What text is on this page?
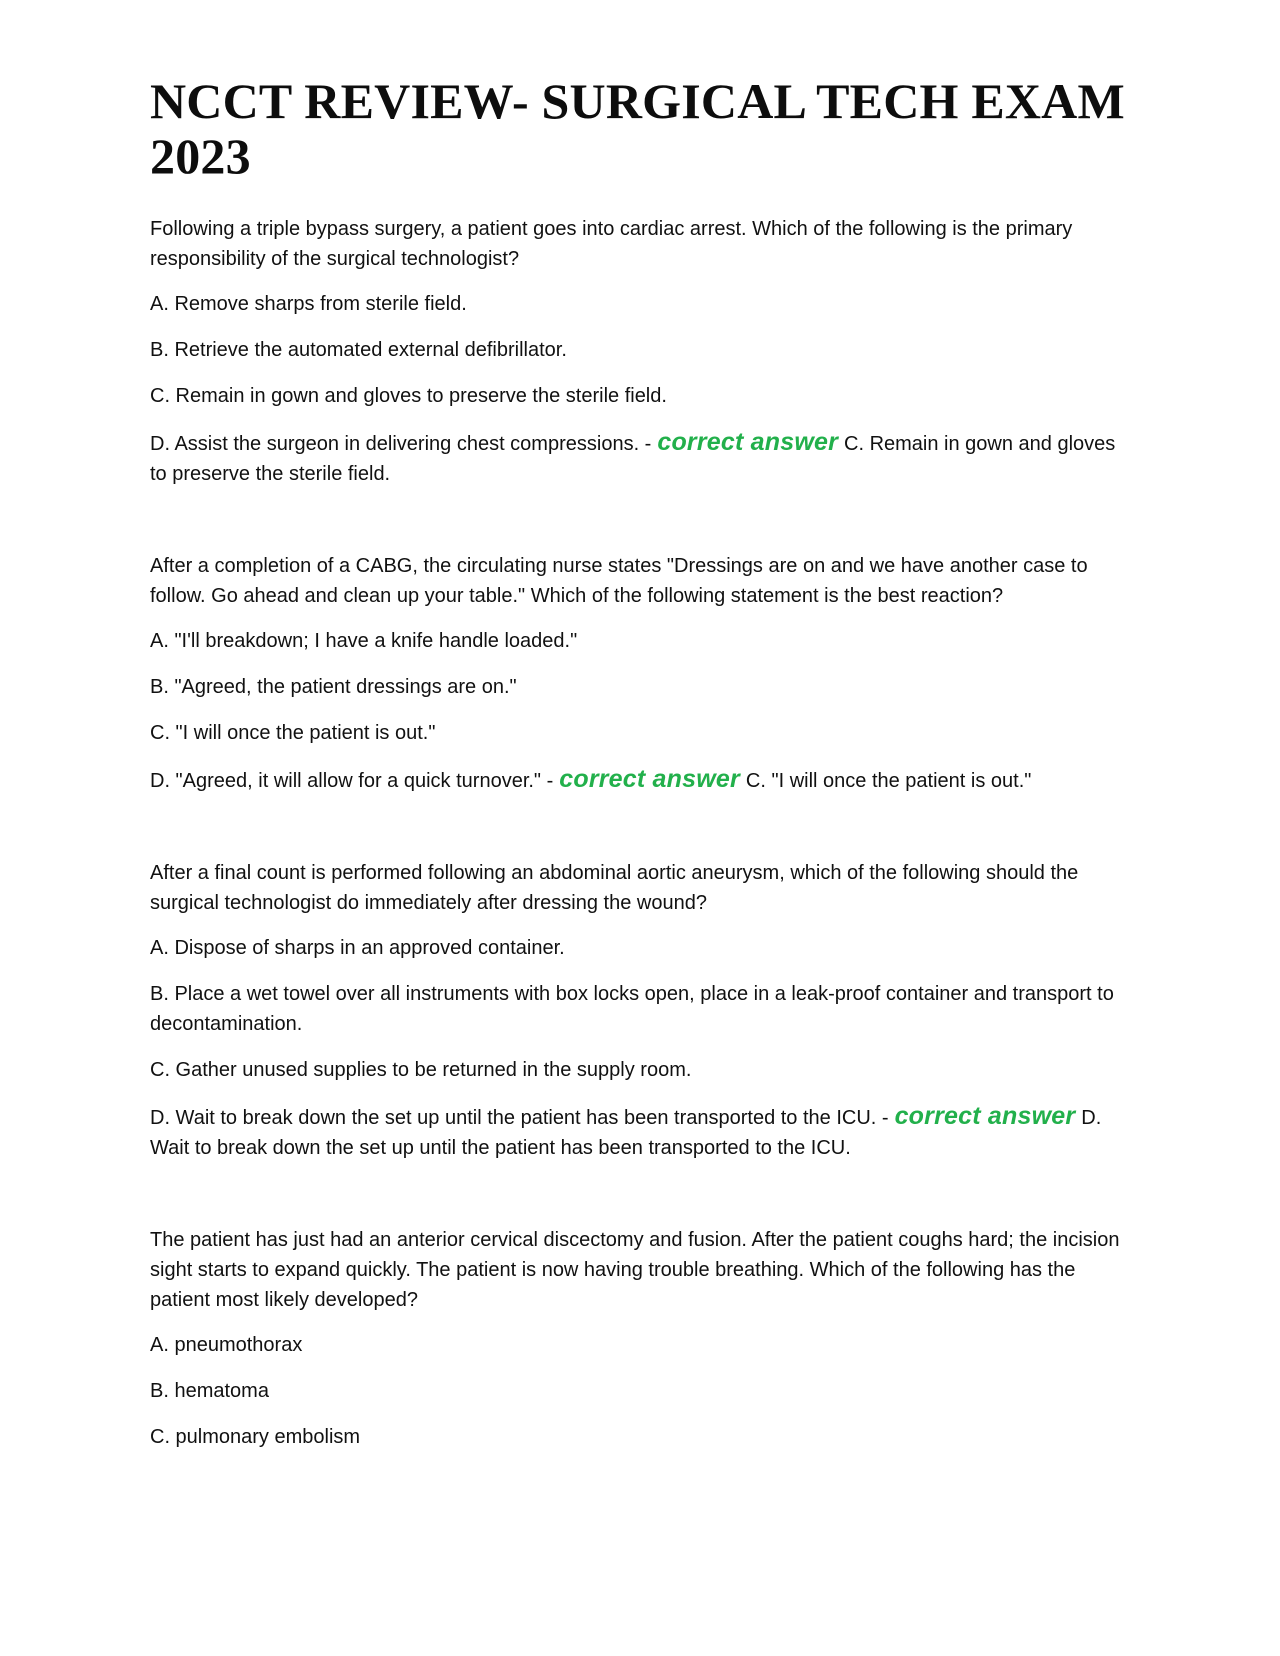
NCCT REVIEW- SURGICAL TECH EXAM 2023

Following a triple bypass surgery, a patient goes into cardiac arrest. Which of the following is the primary responsibility of the surgical technologist?

A. Remove sharps from sterile field.

B. Retrieve the automated external defibrillator.

C. Remain in gown and gloves to preserve the sterile field.

D. Assist the surgeon in delivering chest compressions. - correct answer C. Remain in gown and gloves to preserve the sterile field.

After a completion of a CABG, the circulating nurse states "Dressings are on and we have another case to follow. Go ahead and clean up your table." Which of the following statement is the best reaction?

A. "I'll breakdown; I have a knife handle loaded."

B. "Agreed, the patient dressings are on."

C. "I will once the patient is out."

D. "Agreed, it will allow for a quick turnover." - correct answer C. "I will once the patient is out."

After a final count is performed following an abdominal aortic aneurysm, which of the following should the surgical technologist do immediately after dressing the wound?

A. Dispose of sharps in an approved container.

B. Place a wet towel over all instruments with box locks open, place in a leak-proof container and transport to decontamination.

C. Gather unused supplies to be returned in the supply room.

D. Wait to break down the set up until the patient has been transported to the ICU. - correct answer D. Wait to break down the set up until the patient has been transported to the ICU.

The patient has just had an anterior cervical discectomy and fusion. After the patient coughs hard; the incision sight starts to expand quickly. The patient is now having trouble breathing. Which of the following has the patient most likely developed?

A. pneumothorax

B. hematoma

C. pulmonary embolism
